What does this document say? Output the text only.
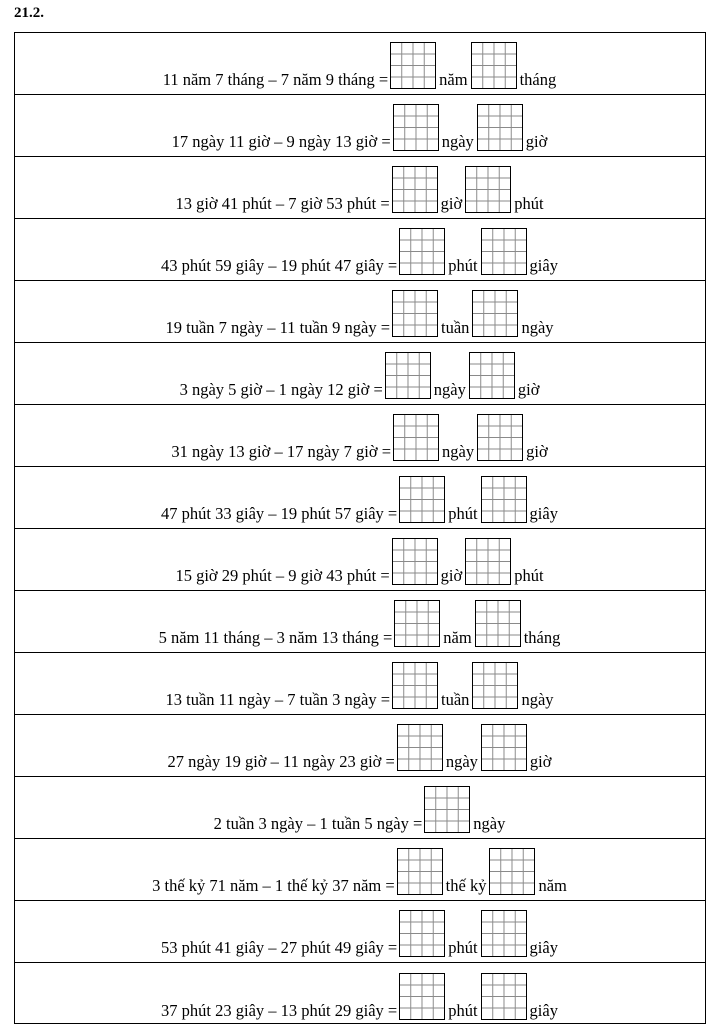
21.2.
11 năm 7 tháng – 7 năm 9 tháng =	năm	tháng
17 ngày 11 giờ – 9 ngày 13 giờ =	ngày	giờ
13 giờ 41 phút – 7 giờ 53 phút =	giờ	phút
43 phút 59 giây – 19 phút 47 giây =	phút	giây
19 tuần 7 ngày – 11 tuần 9 ngày =	tuần	ngày
3 ngày 5 giờ – 1 ngày 12 giờ =	ngày	giờ
31 ngày 13 giờ – 17 ngày 7 giờ =	ngày	giờ
47 phút 33 giây – 19 phút 57 giây =	phút	giây
15 giờ 29 phút – 9 giờ 43 phút =	giờ	phút
5 năm 11 tháng – 3 năm 13 tháng =	năm	tháng
13 tuần 11 ngày – 7 tuần 3 ngày =	tuần	ngày
27 ngày 19 giờ – 11 ngày 23 giờ =	ngày	giờ
2 tuần 3 ngày – 1 tuần 5 ngày =	ngày
3 thế kỷ 71 năm – 1 thế kỷ 37 năm =	thế kỷ	năm
53 phút 41 giây – 27 phút 49 giây =	phút	giây
37 phút 23 giây – 13 phút 29 giây =	phút	giây
